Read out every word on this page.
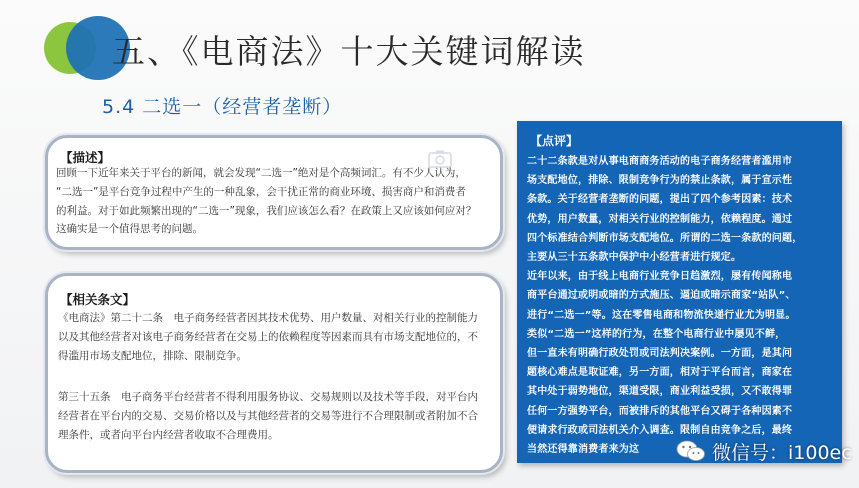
五、《电商法》十大关键词解读
5.4 二选一（经营者垄断）
【描述】
回顾一下近年来关于平台的新闻，就会发现“二选一”绝对是个高频词汇。有不少人认为，
“二选一”是平台竞争过程中产生的一种乱象，会干扰正常的商业环境、损害商户和消费者
的利益。对于如此频繁出现的“二选一”现象，我们应该怎么看？在政策上又应该如何应对？
这确实是一个值得思考的问题。
【相关条文】
《电商法》第二十二条　电子商务经营者因其技术优势、用户数量、对相关行业的控制能力
以及其他经营者对该电子商务经营者在交易上的依赖程度等因素而具有市场支配地位的，不
得滥用市场支配地位，排除、限制竞争。
第三十五条　电子商务平台经营者不得利用服务协议、交易规则以及技术等手段，对平台内
经营者在平台内的交易、交易价格以及与其他经营者的交易等进行不合理限制或者附加不合
理条件，或者向平台内经营者收取不合理费用。
【点评】
二十二条款是对从事电商商务活动的电子商务经营者滥用市
场支配地位，排除、限制竞争行为的禁止条款，属于宣示性
条款。关于经营者垄断的问题，提出了四个参考因素：技术
优势，用户数量，对相关行业的控制能力，依赖程度。通过
四个标准结合判断市场支配地位。所谓的二选一条款的问题，
主要从三十五条款中保护中小经营者进行规定。
近年以来，由于线上电商行业竞争日趋激烈，屡有传闻称电
商平台通过或明或暗的方式施压、逼迫或暗示商家“站队”、
进行“二选一”等。这在零售电商和物流快递行业尤为明显。
类似“二选一”这样的行为，在整个电商行业中屡见不鲜，
但一直未有明确行政处罚或司法判决案例。一方面，是其问
题核心难点是取证难，另一方面，相对于平台而言，商家在
其中处于弱势地位，渠道受限，商业利益受损，又不敢得罪
任何一方强势平台，而被排斥的其他平台又碍于各种因素不
便请求行政或司法机关介入调查。限制自由竞争之后，最终
当然还得靠消费者来为这	微信号：i100ec
